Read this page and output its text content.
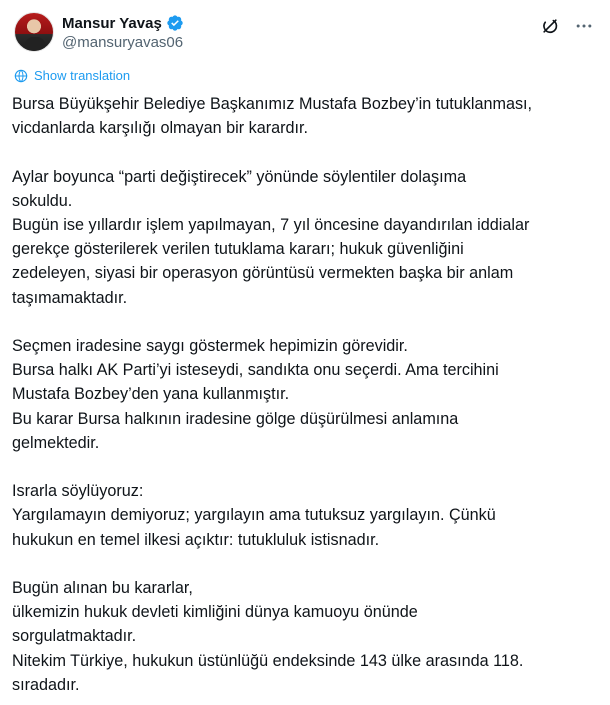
Mansur Yavaş
@mansuryavas06
Show translation
Bursa Büyükşehir Belediye Başkanımız Mustafa Bozbey’in tutuklanması,
vicdanlarda karşılığı olmayan bir karardır.

Aylar boyunca “parti değiştirecek” yönünde söylentiler dolaşıma
sokuldu.
Bugün ise yıllardır işlem yapılmayan, 7 yıl öncesine dayandırılan iddialar
gerekçe gösterilerek verilen tutuklama kararı; hukuk güvenliğini
zedeleyen, siyasi bir operasyon görüntüsü vermekten başka bir anlam
taşımamaktadır.

Seçmen iradesine saygı göstermek hepimizin görevidir.
Bursa halkı AK Parti’yi isteseydi, sandıkta onu seçerdi. Ama tercihini
Mustafa Bozbey’den yana kullanmıştır.
Bu karar Bursa halkının iradesine gölge düşürülmesi anlamına
gelmektedir.

Israrla söylüyoruz:
Yargılamayın demiyoruz; yargılayın ama tutuksuz yargılayın. Çünkü
hukukun en temel ilkesi açıktır: tutukluluk istisnadır.

Bugün alınan bu kararlar,
ülkemizin hukuk devleti kimliğini dünya kamuoyu önünde
sorgulatmaktadır.
Nitekim Türkiye, hukukun üstünlüğü endeksinde 143 ülke arasında 118.
sıradadır.
